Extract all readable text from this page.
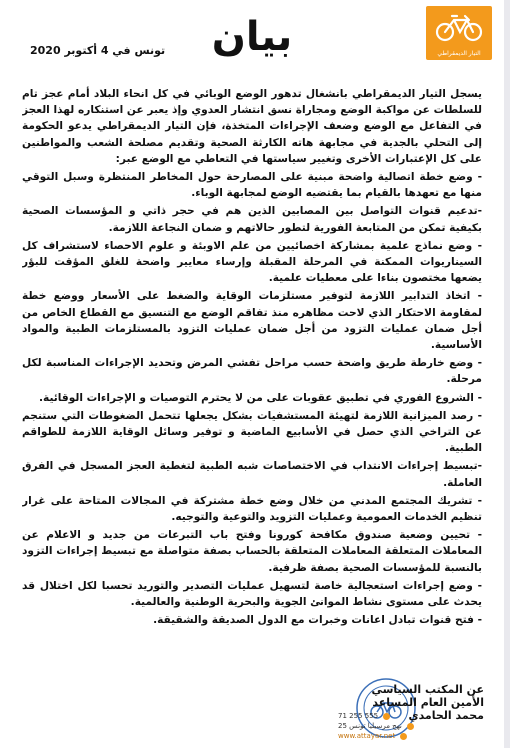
التيار الديمقراطي
بيان
تونس في 4 أكتوبر 2020

يسجل التيار الديمقراطي بانشغال تدهور الوضع الوبائي في كل انحاء البلاد أمام عجز تام للسلطات عن مواكبة الوضع ومجاراة نسق انتشار العدوي وإذ يعبر عن استنكاره لهذا العجز في التفاعل مع الوضع وضعف الإجراءات المتخذة، فإن التيار الديمقراطي يدعو الحكومة إلى التحلي بالجدية في مجابهة هاته الكارثة الصحية وتقديم مصلحة الشعب والمواطنين على كل الإعتبارات الأخرى وتغيير سياستها في التعاطي مع الوضع عبر:

- وضع خطة اتصالية واضحة مبنية على المصارحة حول المخاطر المنتظرة وسبل التوقي منها مع تعهدها بالقيام بما يقتضيه الوضع لمجابهة الوباء.

-تدعيم قنوات التواصل بين المصابين الذين هم في حجر ذاتي و المؤسسات الصحية بكيفية تمكن من المتابعة الفورية لتطور حالاتهم و ضمان النجاعة اللازمة.

- وضع نماذج علمية بمشاركة اخصائيين من علم الاوبئة و علوم الاحصاء لاستشراف كل السيناريوات الممكنة في المرحلة المقبلة وإرساء معايير واضحة للغلق المؤقت للبؤر يضعها مختصون بناءا على معطيات علمية.

- اتخاذ التدابير اللازمة لتوفير مستلزمات الوقاية والضغط على الأسعار ووضع خطة لمقاومة الاحتكار الذي لاحت مظاهره منذ تفاقم الوضع مع التنسيق مع القطاع الخاص من أجل ضمان عمليات التزود من أجل ضمان عمليات التزود بالمستلزمات الطبية والمواد الأساسية.

- وضع خارطة طريق واضحة حسب مراحل تفشي المرض وتحديد الإجراءات المناسبة لكل مرحلة.

- الشروع الفوري في تطبيق عقوبات على من لا يحترم التوصيات و الإجراءات الوقائية.

- رصد الميزانية اللازمة لتهيئة المستشفيات بشكل يجعلها تتحمل الضغوطات التي ستنجم عن التراخي الذي حصل في الأسابيع الماضية و توفير وسائل الوقاية اللازمة للطواقم الطبية.

-تبسيط إجراءات الانتداب في الاختصاصات شبه الطبية لتغطية العجز المسجل في الفرق العاملة.

- تشريك المجتمع المدني من خلال وضع خطة مشتركة في المجالات المتاحة على غرار تنظيم الخدمات العمومية وعمليات التزويد والتوعية والتوجيه.

- تحيين وضعية صندوق مكافحة كورونا وفتح باب التبرعات من جديد و الاعلام عن المعاملات المتعلقة المعاملات المتعلقة بالحساب بصفة متواصلة مع تبسيط إجراءات التزود بالنسبة للمؤسسات الصحية بصفة ظرفية.

- وضع إجراءات استعجالية خاصة لتسهيل عمليات التصدير والتوريد تحسبا لكل اختلال قد يحدث على مستوى نشاط الموانئ الجوية والبحرية الوطنية والعالمية.

- فتح قنوات تبادل اعانات وخبرات مع الدول الصديقة والشقيقة.

عن المكتب السياسي
الأمين العام المساعد
محمد الحامدي
71 255 555
25 نهج مرسيليا تونس
www.attayar.net
